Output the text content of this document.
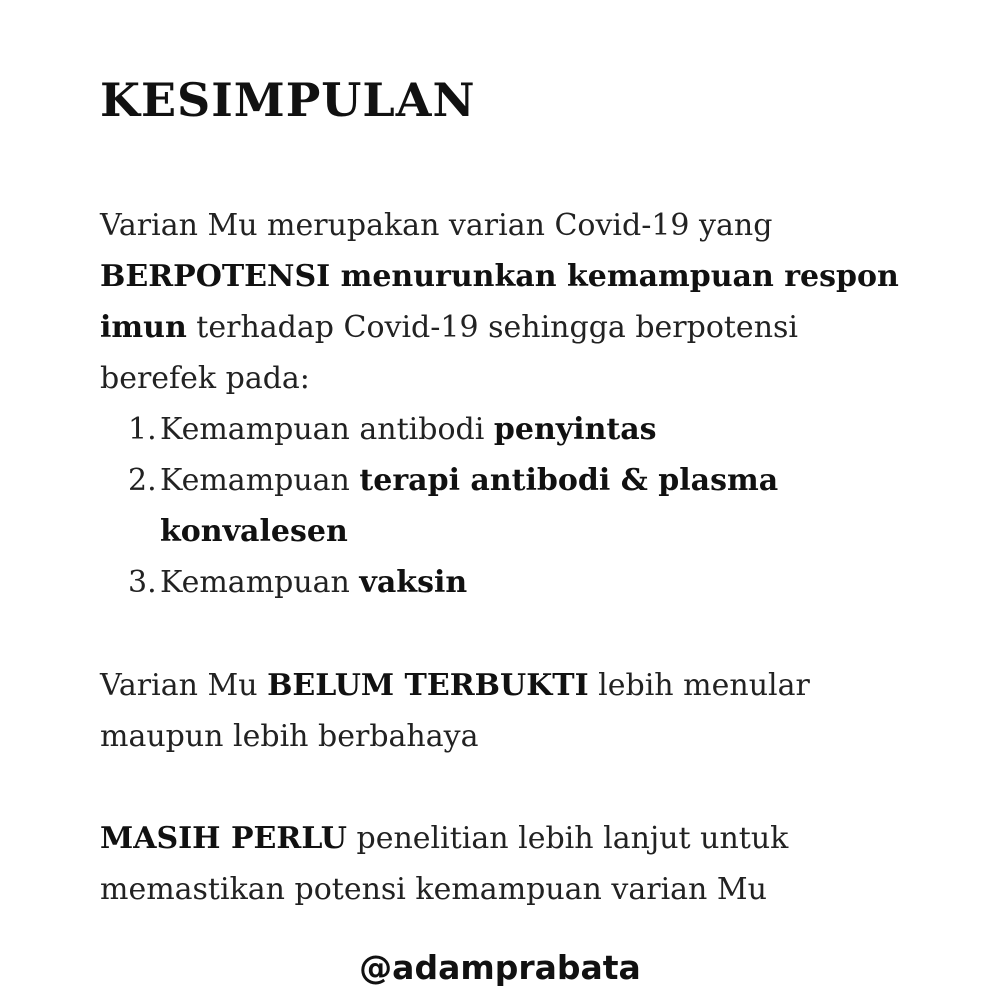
KESIMPULAN

Varian Mu merupakan varian Covid-19 yang BERPOTENSI menurunkan kemampuan respon imun terhadap Covid-19 sehingga berpotensi berefek pada:

1. Kemampuan antibodi penyintas
2. Kemampuan terapi antibodi & plasma konvalesen
3. Kemampuan vaksin

Varian Mu BELUM TERBUKTI lebih menular maupun lebih berbahaya

MASIH PERLU penelitian lebih lanjut untuk memastikan potensi kemampuan varian Mu

@adamprabata
